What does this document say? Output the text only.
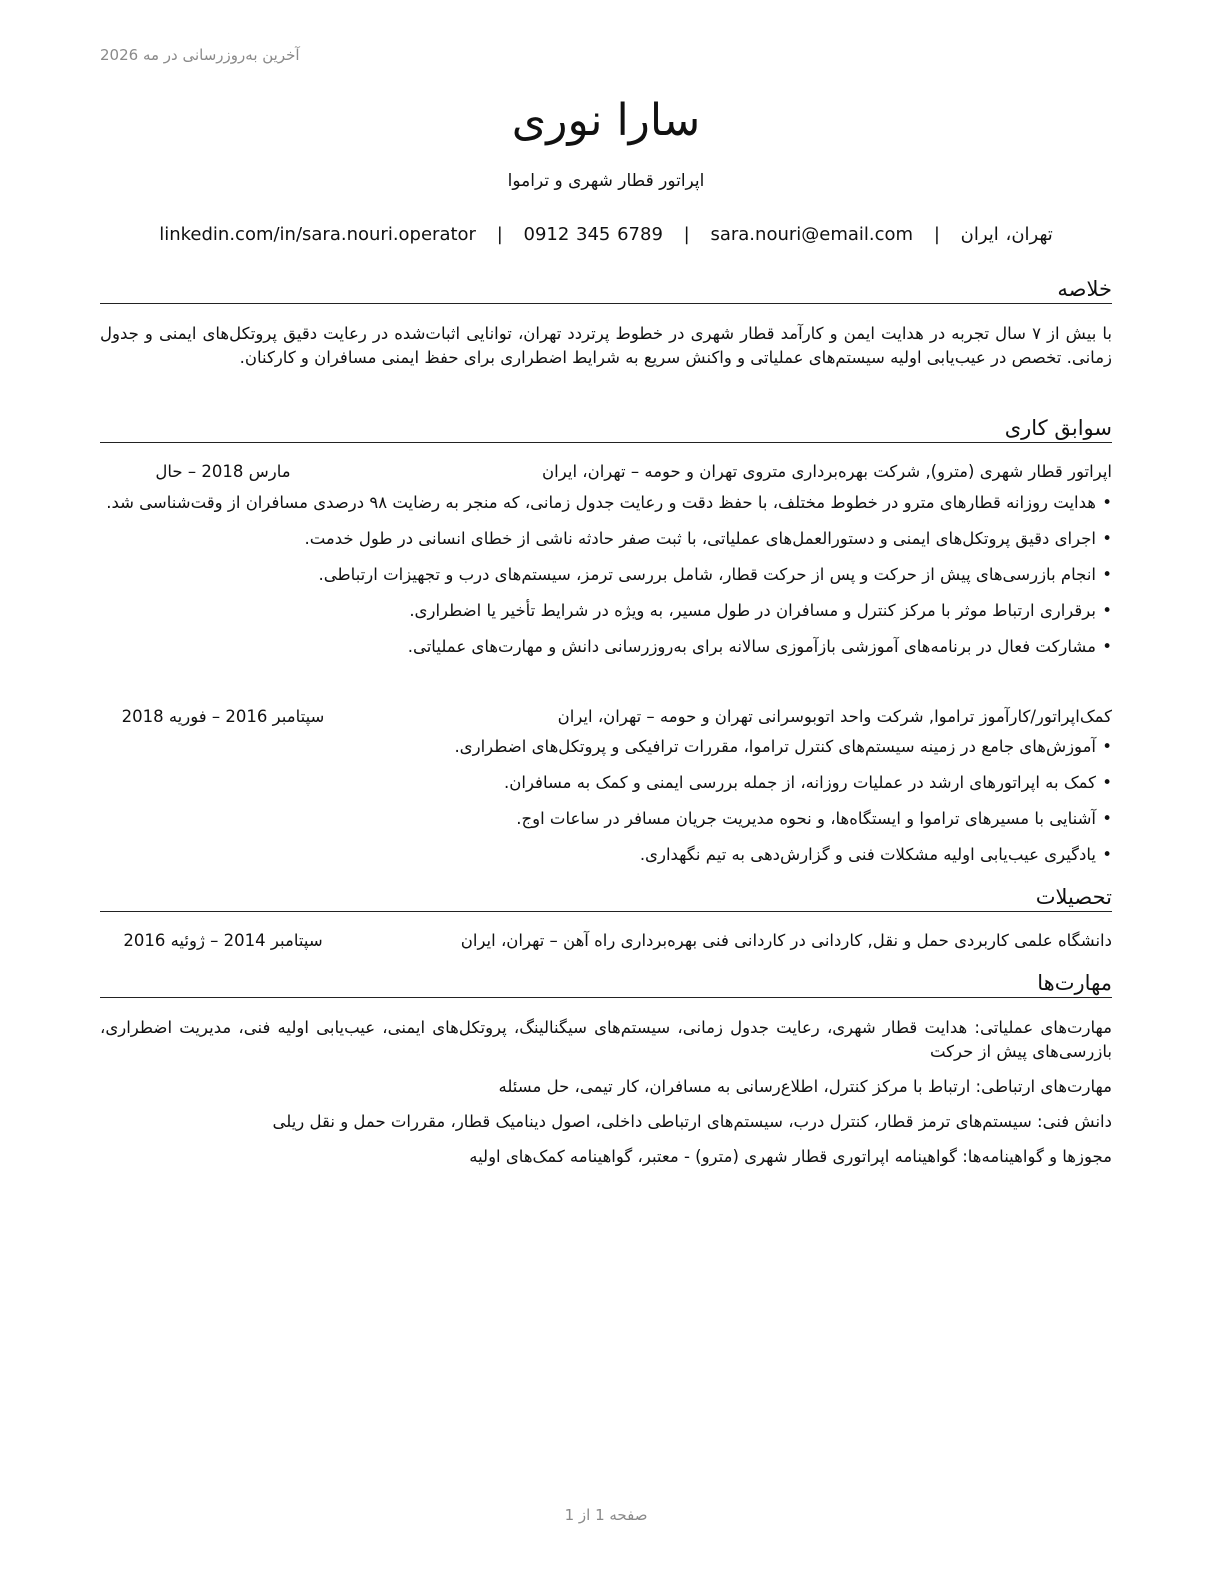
آخرین به‌روزرسانی در مه 2026
سارا نوری
اپراتور قطار شهری و تراموا
تهران، ایران | sara.nouri@email.com | 0912 345 6789 | linkedin.com/in/sara.nouri.operator
خلاصه
با بیش از ۷ سال تجربه در هدایت ایمن و کارآمد قطار شهری در خطوط پرتردد تهران، توانایی اثبات‌شده در رعایت دقیق پروتکل‌های ایمنی و جدول زمانی. تخصص در عیب‌یابی اولیه سیستم‌های عملیاتی و واکنش سریع به شرایط اضطراری برای حفظ ایمنی مسافران و کارکنان.
سوابق کاری
اپراتور قطار شهری (مترو), شرکت بهره‌برداری متروی تهران و حومه – تهران، ایران
مارس 2018 – حال
•
هدایت روزانه قطارهای مترو در خطوط مختلف، با حفظ دقت و رعایت جدول زمانی، که منجر به رضایت ۹۸ درصدی مسافران از وقت‌شناسی شد.
•
اجرای دقیق پروتکل‌های ایمنی و دستورالعمل‌های عملیاتی، با ثبت صفر حادثه ناشی از خطای انسانی در طول خدمت.
•
انجام بازرسی‌های پیش از حرکت و پس از حرکت قطار، شامل بررسی ترمز، سیستم‌های درب و تجهیزات ارتباطی.
•
برقراری ارتباط موثر با مرکز کنترل و مسافران در طول مسیر، به ویژه در شرایط تأخیر یا اضطراری.
•
مشارکت فعال در برنامه‌های آموزشی بازآموزی سالانه برای به‌روزرسانی دانش و مهارت‌های عملیاتی.
کمک‌اپراتور/کارآموز تراموا, شرکت واحد اتوبوسرانی تهران و حومه – تهران، ایران
سپتامبر 2016 – فوریه 2018
•
آموزش‌های جامع در زمینه سیستم‌های کنترل تراموا، مقررات ترافیکی و پروتکل‌های اضطراری.
•
کمک به اپراتورهای ارشد در عملیات روزانه، از جمله بررسی ایمنی و کمک به مسافران.
•
آشنایی با مسیرهای تراموا و ایستگاه‌ها، و نحوه مدیریت جریان مسافر در ساعات اوج.
•
یادگیری عیب‌یابی اولیه مشکلات فنی و گزارش‌دهی به تیم نگهداری.
تحصیلات
دانشگاه علمی کاربردی حمل و نقل, کاردانی در کاردانی فنی بهره‌برداری راه آهن – تهران، ایران
سپتامبر 2014 – ژوئیه 2016
مهارت‌ها
مهارت‌های عملیاتی: هدایت قطار شهری، رعایت جدول زمانی، سیستم‌های سیگنالینگ، پروتکل‌های ایمنی، عیب‌یابی اولیه فنی، مدیریت اضطراری، بازرسی‌های پیش از حرکت
مهارت‌های ارتباطی: ارتباط با مرکز کنترل، اطلاع‌رسانی به مسافران، کار تیمی، حل مسئله
دانش فنی: سیستم‌های ترمز قطار، کنترل درب، سیستم‌های ارتباطی داخلی، اصول دینامیک قطار، مقررات حمل و نقل ریلی
مجوزها و گواهینامه‌ها: گواهینامه اپراتوری قطار شهری (مترو) - معتبر، گواهینامه کمک‌های اولیه
صفحه 1 از 1
